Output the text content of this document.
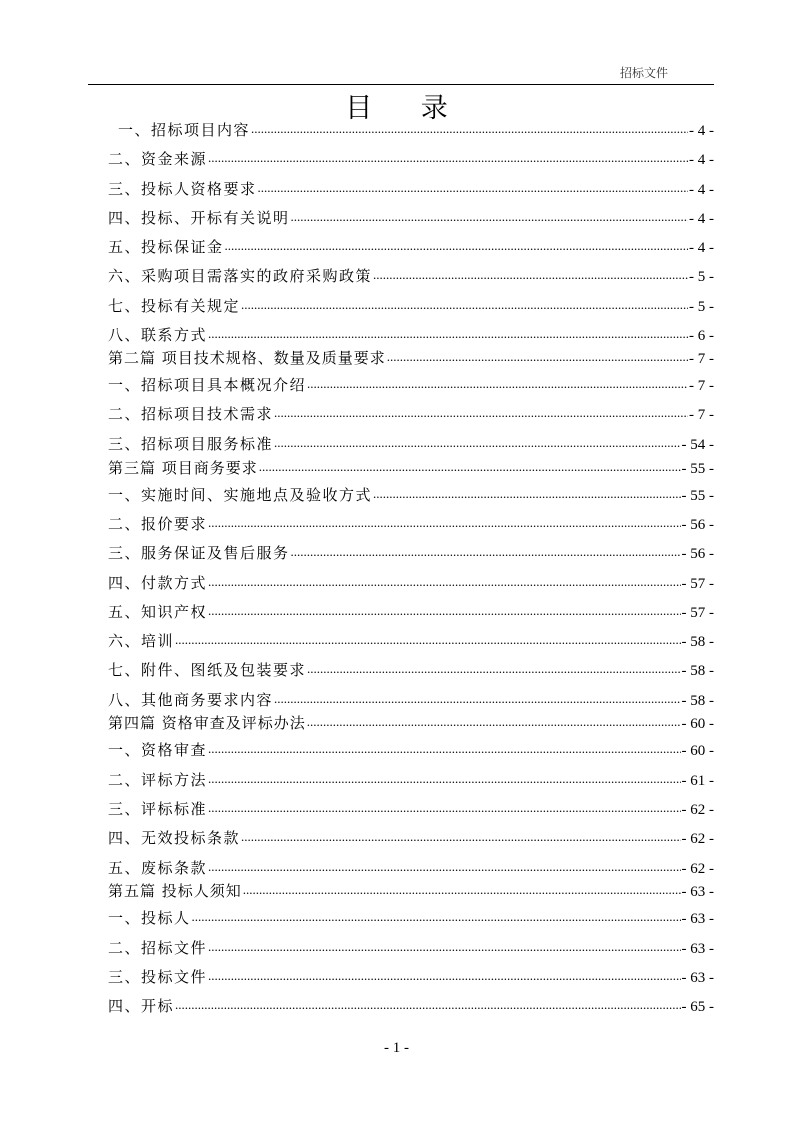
招标文件
目 录
一、招标项目内容 .....	- 4 -
二、资金来源 .....	- 4 -
三、投标人资格要求 .....	- 4 -
四、投标、开标有关说明 .....	- 4 -
五、投标保证金 .....	- 4 -
六、采购项目需落实的政府采购政策 .....	- 5 -
七、投标有关规定 .....	- 5 -
八、联系方式 .....	- 6 -
第二篇 项目技术规格、数量及质量要求 .....	- 7 -
一、招标项目具本概况介绍 .....	- 7 -
二、招标项目技术需求 .....	- 7 -
三、招标项目服务标准 .....	- 54 -
第三篇 项目商务要求 .....	- 55 -
一、实施时间、实施地点及验收方式 .....	- 55 -
二、报价要求 .....	- 56 -
三、服务保证及售后服务 .....	- 56 -
四、付款方式 .....	- 57 -
五、知识产权 .....	- 57 -
六、培训 .....	- 58 -
七、附件、图纸及包装要求 .....	- 58 -
八、其他商务要求内容 .....	- 58 -
第四篇 资格审查及评标办法 .....	- 60 -
一、资格审查 .....	- 60 -
二、评标方法 .....	- 61 -
三、评标标准 .....	- 62 -
四、无效投标条款 .....	- 62 -
五、废标条款 .....	- 62 -
第五篇 投标人须知 .....	- 63 -
一、投标人 .....	- 63 -
二、招标文件 .....	- 63 -
三、投标文件 .....	- 63 -
四、开标 .....	- 65 -
- 1 -
